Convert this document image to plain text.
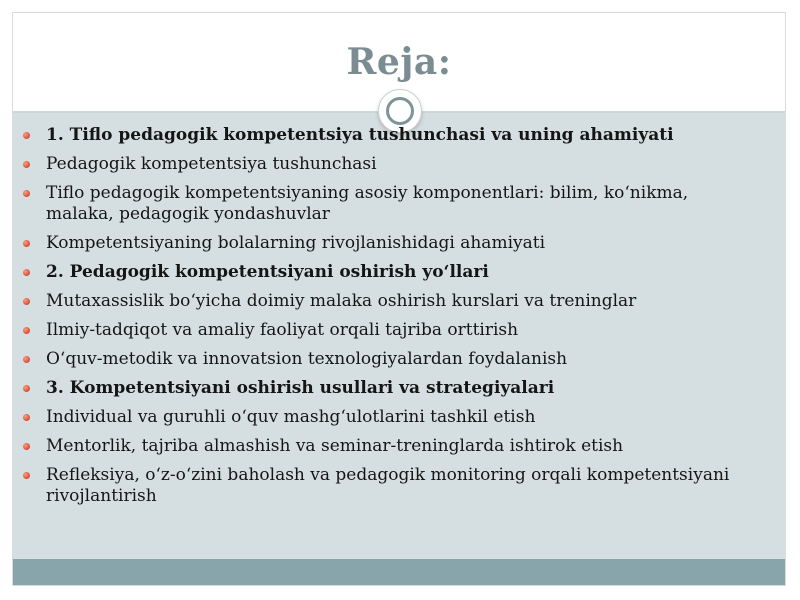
Reja:
1. Tiflo pedagogik kompetentsiya tushunchasi va uning ahamiyati
Pedagogik kompetentsiya tushunchasi
Tiflo pedagogik kompetentsiyaning asosiy komponentlari: bilim, koʻnikma, malaka, pedagogik yondashuvlar
Kompetentsiyaning bolalarning rivojlanishidagi ahamiyati
2. Pedagogik kompetentsiyani oshirish yoʻllari
Mutaxassislik boʻyicha doimiy malaka oshirish kurslari va treninglar
Ilmiy-tadqiqot va amaliy faoliyat orqali tajriba orttirish
Oʻquv-metodik va innovatsion texnologiyalardan foydalanish
3. Kompetentsiyani oshirish usullari va strategiyalari
Individual va guruhli oʻquv mashgʻulotlarini tashkil etish
Mentorlik, tajriba almashish va seminar-treninglarda ishtirok etish
Refleksiya, oʻz-oʻzini baholash va pedagogik monitoring orqali kompetentsiyani rivojlantirish
